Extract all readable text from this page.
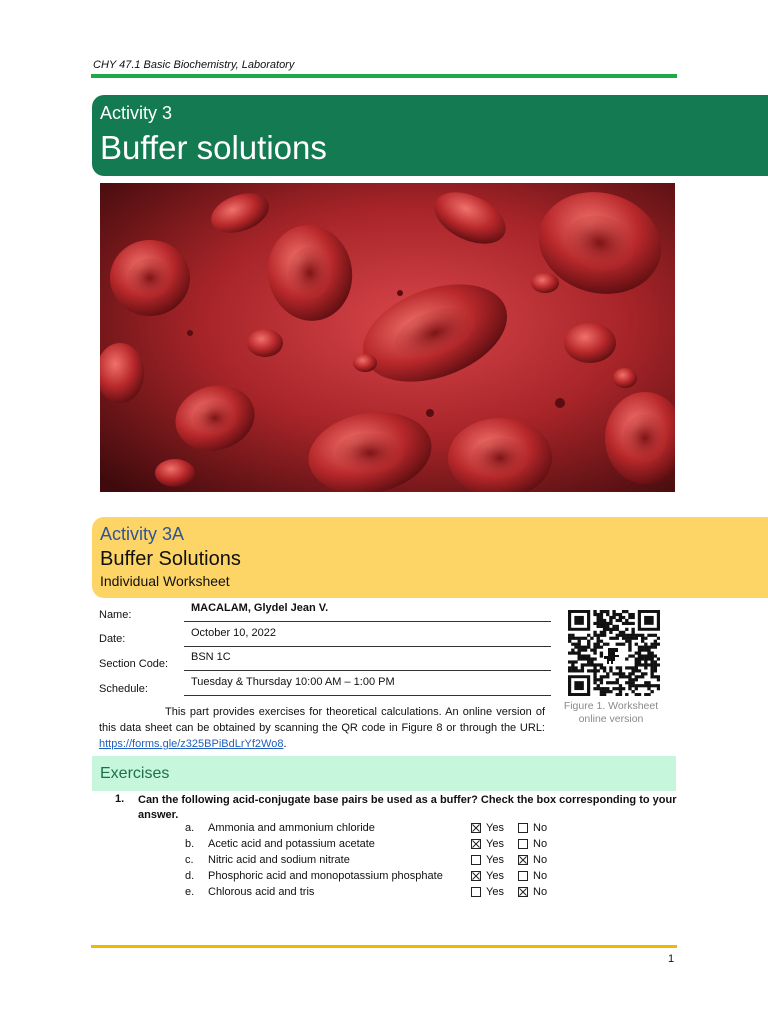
CHY 47.1 Basic Biochemistry, Laboratory
Activity 3
Buffer solutions
Activity 3A
Buffer Solutions
Individual Worksheet
Name:
MACALAM, Glydel Jean V.
Date:	October 10, 2022
Section Code:
BSN 1C
Schedule:
Tuesday & Thursday 10:00 AM – 1:00 PM
Figure 1. Worksheet online version
This part provides exercises for theoretical calculations. An online version of this data sheet can be obtained by scanning the QR code in Figure 8 or through the URL: https://forms.gle/z325BPiBdLrYf2Wo8.
Exercises
1. Can the following acid-conjugate base pairs be used as a buffer? Check the box corresponding to your answer.
a. Ammonia and ammonium chloride	Yes	No
b. Acetic acid and potassium acetate	Yes	No
c. Nitric acid and sodium nitrate	Yes	No
d. Phosphoric acid and monopotassium phosphate	Yes	No
e. Chlorous acid and tris	Yes	No
1
